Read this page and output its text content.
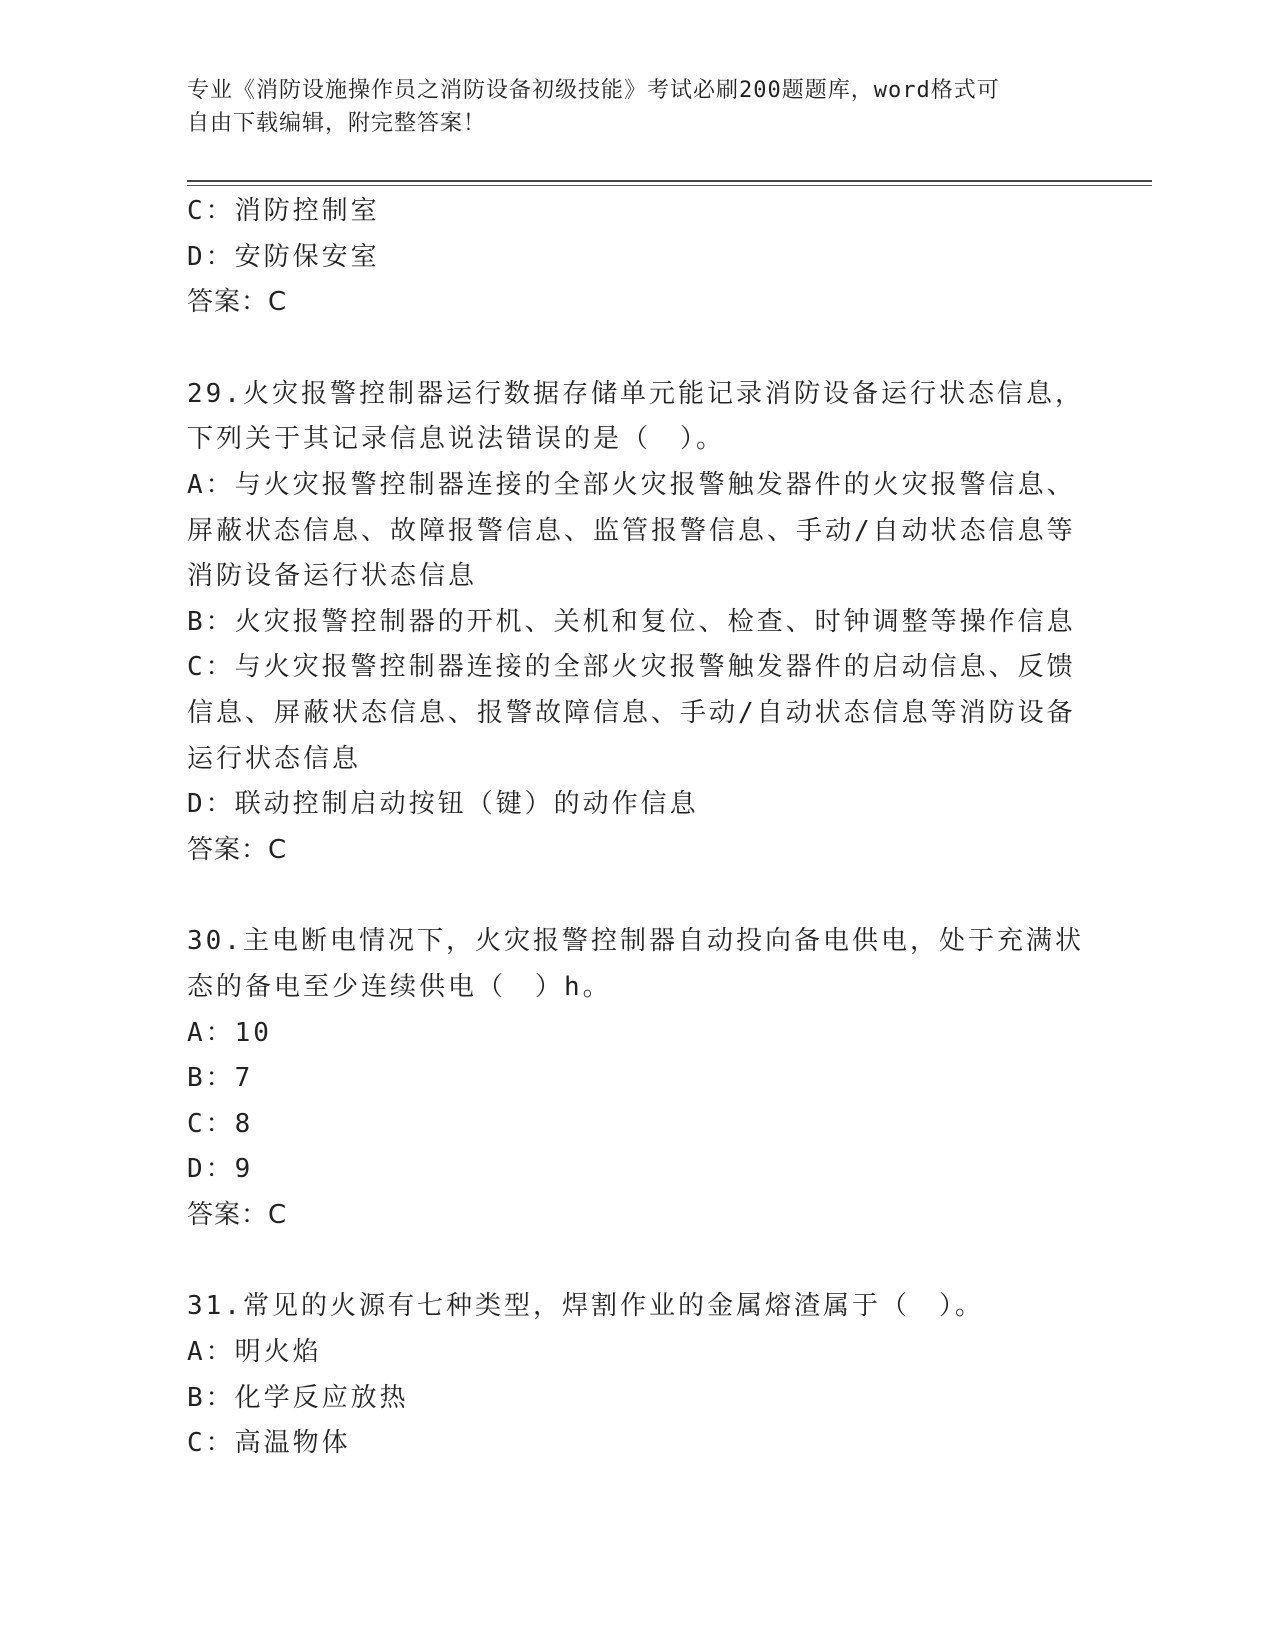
专业《消防设施操作员之消防设备初级技能》考试必刷200题题库，word格式可
自由下载编辑，附完整答案！
C：消防控制室
D：安防保安室
答案：C
29.火灾报警控制器运行数据存储单元能记录消防设备运行状态信息，
下列关于其记录信息说法错误的是（　）。
A：与火灾报警控制器连接的全部火灾报警触发器件的火灾报警信息、
屏蔽状态信息、故障报警信息、监管报警信息、手动/自动状态信息等
消防设备运行状态信息
B：火灾报警控制器的开机、关机和复位、检查、时钟调整等操作信息
C：与火灾报警控制器连接的全部火灾报警触发器件的启动信息、反馈
信息、屏蔽状态信息、报警故障信息、手动/自动状态信息等消防设备
运行状态信息
D：联动控制启动按钮（键）的动作信息
答案：C
30.主电断电情况下，火灾报警控制器自动投向备电供电，处于充满状
态的备电至少连续供电（　）h。
A：10
B：7
C：8
D：9
答案：C
31.常见的火源有七种类型，焊割作业的金属熔渣属于（　）。
A：明火焰
B：化学反应放热
C：高温物体
